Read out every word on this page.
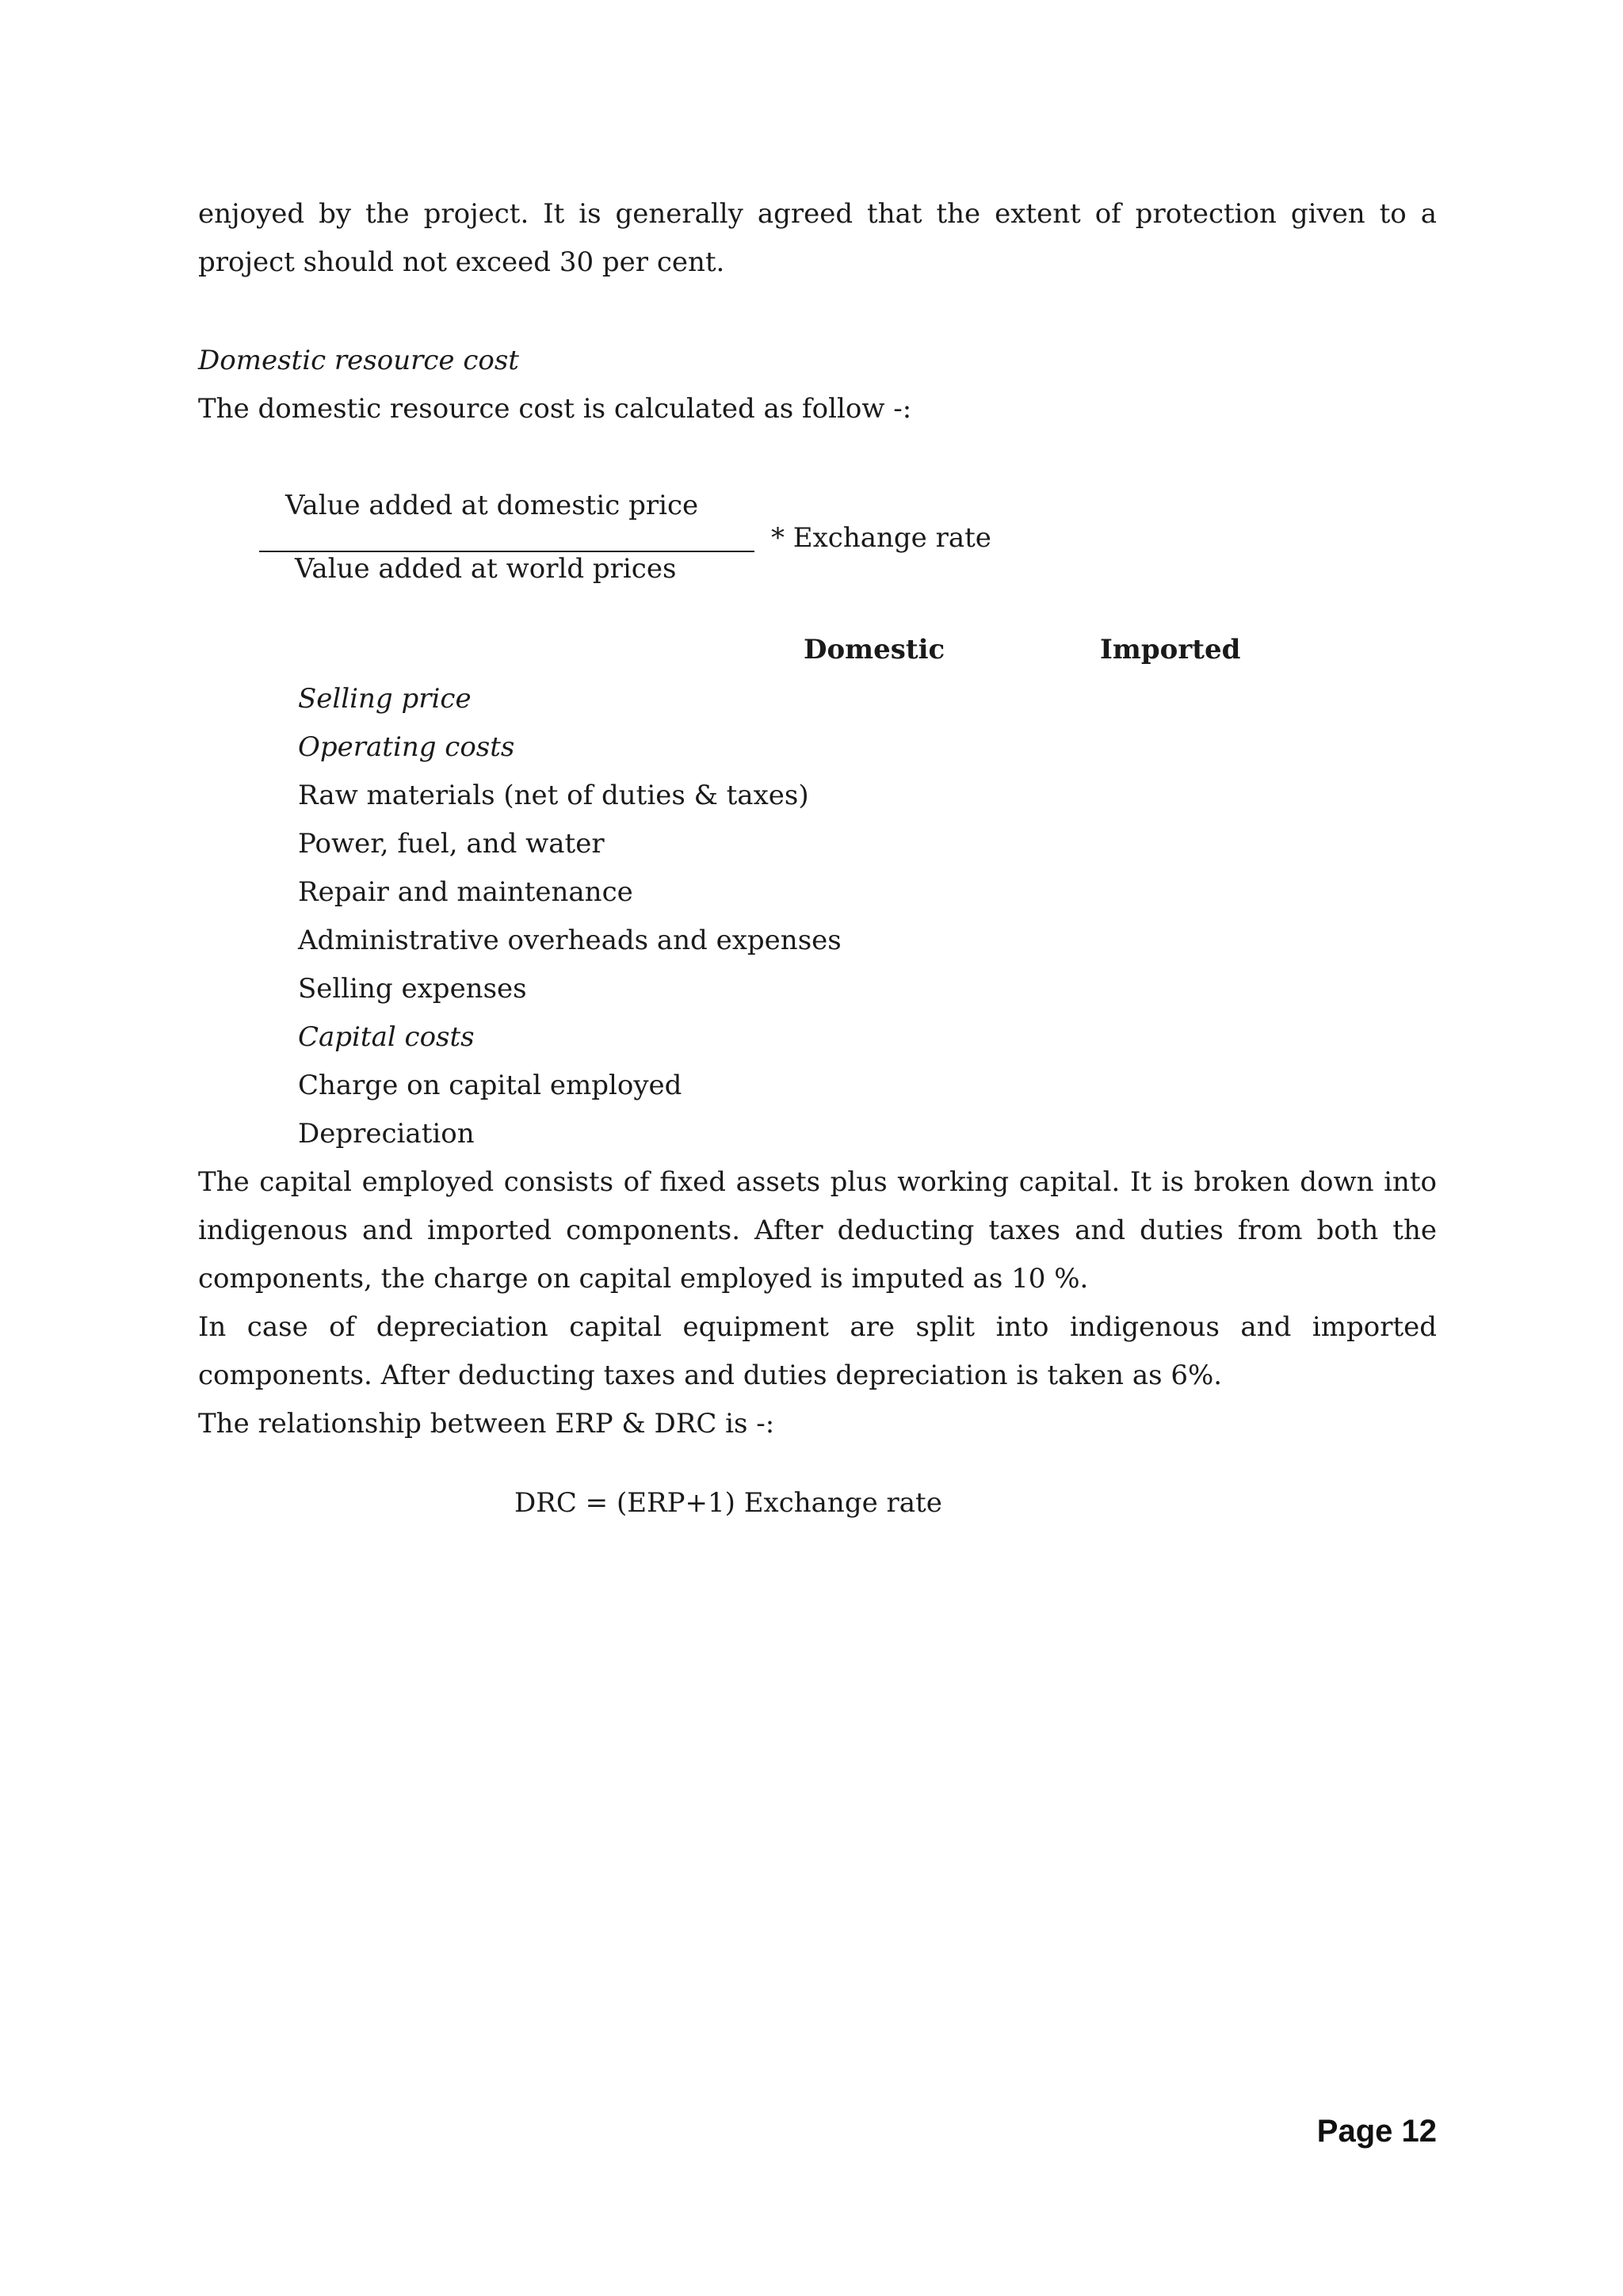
enjoyed by the project. It is generally agreed that the extent of protection given to a project should not exceed 30 per cent.

Domestic resource cost
The domestic resource cost is calculated as follow -:
Value added at domestic price
* Exchange rate
Value added at world prices
Domestic	Imported
Selling price
Operating costs
Raw materials (net of duties & taxes)
Power, fuel, and water
Repair and maintenance
Administrative overheads and expenses
Selling expenses
Capital costs
Charge on capital employed
Depreciation

The capital employed consists of fixed assets plus working capital. It is broken down into indigenous and imported components. After deducting taxes and duties from both the components, the charge on capital employed is imputed as 10 %.

In case of depreciation capital equipment are split into indigenous and imported components. After deducting taxes and duties depreciation is taken as 6%.

The relationship between ERP & DRC is -:
DRC = (ERP+1) Exchange rate
Page 12
